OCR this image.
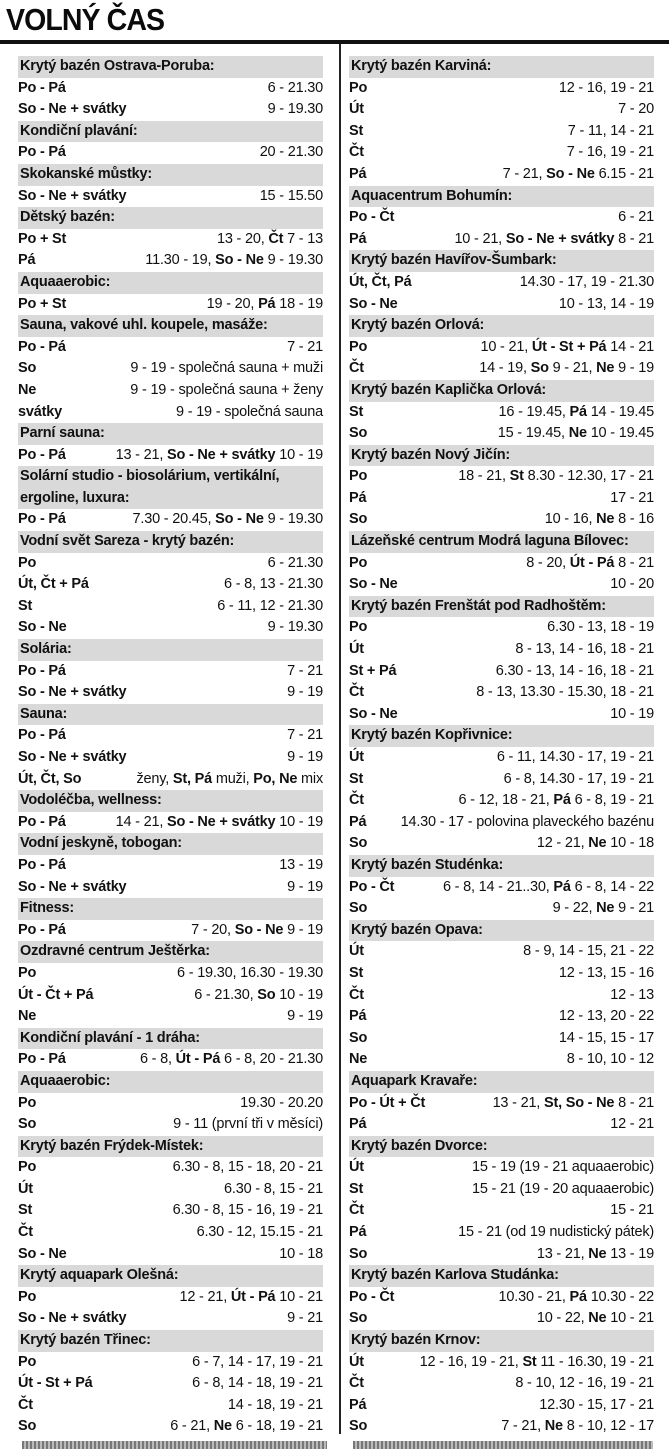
VOLNÝ ČAS
Krytý bazén Ostrava-Poruba:
Po - Pá	6 - 21.30
So - Ne + svátky	9 - 19.30
Kondiční plavání:
Po - Pá	20 - 21.30
Skokanské můstky:
So - Ne + svátky	15 - 15.50
Dětský bazén:
Po + St	13 - 20, Čt 7 - 13
Pá	11.30 - 19, So - Ne 9 - 19.30
Aquaaerobic:
Po + St	19 - 20, Pá 18 - 19
Sauna, vakové uhl. koupele, masáže:
Po - Pá	7 - 21
So	9 - 19 - společná sauna + muži
Ne	9 - 19 - společná sauna + ženy
svátky	9 - 19 - společná sauna
Parní sauna:
Po - Pá	13 - 21, So - Ne + svátky 10 - 19
Solární studio - biosolárium, vertikální,
ergoline, luxura:
Po - Pá	7.30 - 20.45, So - Ne 9 - 19.30
Vodní svět Sareza - krytý bazén:
Po	6 - 21.30
Út, Čt + Pá	6 - 8, 13 - 21.30
St	6 - 11, 12 - 21.30
So - Ne	9 - 19.30
Solária:
Po - Pá	7 - 21
So - Ne + svátky	9 - 19
Sauna:
Po - Pá	7 - 21
So - Ne + svátky	9 - 19
Út, Čt, So	ženy, St, Pá muži, Po, Ne mix
Vodoléčba, wellness:
Po - Pá	14 - 21, So - Ne + svátky 10 - 19
Vodní jeskyně, tobogan:
Po - Pá	13 - 19
So - Ne + svátky	9 - 19
Fitness:
Po - Pá	7 - 20, So - Ne 9 - 19
Ozdravné centrum Ještěrka:
Po	6 - 19.30, 16.30 - 19.30
Út - Čt + Pá	6 - 21.30, So 10 - 19
Ne	9 - 19
Kondiční plavání - 1 dráha:
Po - Pá	6 - 8, Út - Pá 6 - 8, 20 - 21.30
Aquaaerobic:
Po	19.30 - 20.20
So	9 - 11 (první tři v měsíci)
Krytý bazén Frýdek-Místek:
Po	6.30 - 8, 15 - 18, 20 - 21
Út	6.30 - 8, 15 - 21
St	6.30 - 8, 15 - 16, 19 - 21
Čt	6.30 - 12, 15.15 - 21
So - Ne	10 - 18
Krytý aquapark Olešná:
Po	12 - 21, Út - Pá 10 - 21
So - Ne + svátky	9 - 21
Krytý bazén Třinec:
Po	6 - 7, 14 - 17, 19 - 21
Út - St + Pá	6 - 8, 14 - 18, 19 - 21
Čt	14 - 18, 19 - 21
So	6 - 21, Ne 6 - 18, 19 - 21
Krytý bazén Karviná:
Po	12 - 16, 19 - 21
Út	7 - 20
St	7 - 11, 14 - 21
Čt	7 - 16, 19 - 21
Pá	7 - 21, So - Ne 6.15 - 21
Aquacentrum Bohumín:
Po - Čt	6 - 21
Pá	10 - 21, So - Ne + svátky 8 - 21
Krytý bazén Havířov-Šumbark:
Út, Čt, Pá	14.30 - 17, 19 - 21.30
So - Ne	10 - 13, 14 - 19
Krytý bazén Orlová:
Po	10 - 21, Út - St + Pá 14 - 21
Čt	14 - 19, So 9 - 21, Ne 9 - 19
Krytý bazén Kaplička Orlová:
St	16 - 19.45, Pá 14 - 19.45
So	15 - 19.45, Ne 10 - 19.45
Krytý bazén Nový Jičín:
Po	18 - 21, St 8.30 - 12.30, 17 - 21
Pá	17 - 21
So	10 - 16, Ne 8 - 16
Lázeňské centrum Modrá laguna Bílovec:
Po	8 - 20, Út - Pá 8 - 21
So - Ne	10 - 20
Krytý bazén Frenštát pod Radhoštěm:
Po	6.30 - 13, 18 - 19
Út	8 - 13, 14 - 16, 18 - 21
St + Pá	6.30 - 13, 14 - 16, 18 - 21
Čt	8 - 13, 13.30 - 15.30, 18 - 21
So - Ne	10 - 19
Krytý bazén Kopřivnice:
Út	6 - 11, 14.30 - 17, 19 - 21
St	6 - 8, 14.30 - 17, 19 - 21
Čt	6 - 12, 18 - 21, Pá 6 - 8, 19 - 21
Pá 14.30 - 17 - polovina plaveckého bazénu
So	12 - 21, Ne 10 - 18
Krytý bazén Studénka:
Po - Čt	6 - 8, 14 - 21..30, Pá 6 - 8, 14 - 22
So	9 - 22, Ne 9 - 21
Krytý bazén Opava:
Út	8 - 9, 14 - 15, 21 - 22
St	12 - 13, 15 - 16
Čt	12 - 13
Pá	12 - 13, 20 - 22
So	14 - 15, 15 - 17
Ne	8 - 10, 10 - 12
Aquapark Kravaře:
Po - Út + Čt	13 - 21, St, So - Ne 8 - 21
Pá	12 - 21
Krytý bazén Dvorce:
Út	15 - 19 (19 - 21 aquaaerobic)
St	15 - 21 (19 - 20 aquaaerobic)
Čt	15 - 21
Pá	15 - 21 (od 19 nudistický pátek)
So	13 - 21, Ne 13 - 19
Krytý bazén Karlova Studánka:
Po - Čt	10.30 - 21, Pá 10.30 - 22
So	10 - 22, Ne 10 - 21
Krytý bazén Krnov:
Út	12 - 16, 19 - 21, St 11 - 16.30, 19 - 21
Čt	8 - 10, 12 - 16, 19 - 21
Pá	12.30 - 15, 17 - 21
So	7 - 21, Ne 8 - 10, 12 - 17
